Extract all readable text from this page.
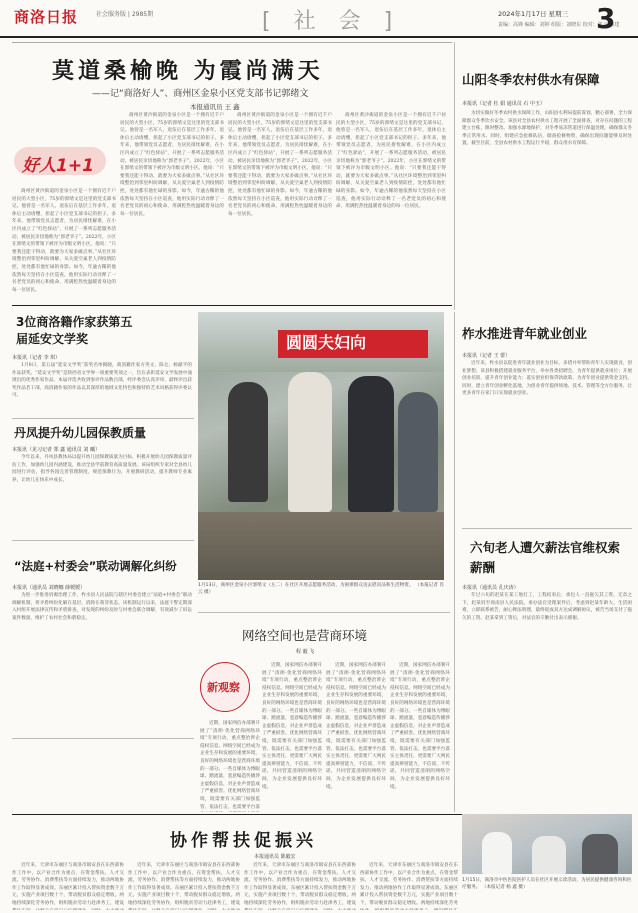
商洛日报	社会服务版 | 2985期	[ 社 会 ]	2024年1月17日 星期三
责编：高锋 编辑：刘婷 组版：刘晓东 校对：张言 石建
3
莫道桑榆晚 为霞尚满天
——记“商洛好人”、商州区金泉小区党支部书记郭绪文
本报通讯员 王 鑫
好人1+1

商州区黄沙街道的金泉小区是一个拥有近千户居民的大型小区，75岁的郭绪文是这里的党支部书记。他曾是一名军人，退伍后在基层工作多年，退休后主动请缨，担起了小区党支部书记的担子。多年来，他带领党员志愿者，为居民排忧解难，在小区内成立了“红色驿站”，开展了一系列志愿服务活动，被居民亲切地称为“郭老爷子”。2022年，小区在郭绪文的带领下被评为市级文明小区。他说：“只要我还能干得动，就要为大家多做点事。”从社区环境整治到邻里纠纷调解，从关爱空巢老人到疫情防控，处处都有他忙碌的身影。如今，年逾古稀的他依然每天坚持在小区巡查，他用实际行动诠释了一名老党员的初心和使命，用满腔热忱温暖着身边的每一位居民。

商州区黄沙街道的金泉小区是一个拥有近千户居民的大型小区，75岁的郭绪文是这里的党支部书记。他曾是一名军人，退伍后在基层工作多年，退休后主动请缨，担起了小区党支部书记的担子。多年来，他带领党员志愿者，为居民排忧解难，在小区内成立了“红色驿站”，开展了一系列志愿服务活动，被居民亲切地称为“郭老爷子”。2022年，小区在郭绪文的带领下被评为市级文明小区。他说：“只要我还能干得动，就要为大家多做点事。”从社区环境整治到邻里纠纷调解，从关爱空巢老人到疫情防控，处处都有他忙碌的身影。如今，年逾古稀的他依然每天坚持在小区巡查，他用实际行动诠释了一名老党员的初心和使命，用满腔热忱温暖着身边的每一位居民。

商州区黄沙街道的金泉小区是一个拥有近千户居民的大型小区，75岁的郭绪文是这里的党支部书记。他曾是一名军人，退伍后在基层工作多年，退休后主动请缨，担起了小区党支部书记的担子。多年来，他带领党员志愿者，为居民排忧解难，在小区内成立了“红色驿站”，开展了一系列志愿服务活动，被居民亲切地称为“郭老爷子”。2022年，小区在郭绪文的带领下被评为市级文明小区。他说：“只要我还能干得动，就要为大家多做点事。”从社区环境整治到邻里纠纷调解，从关爱空巢老人到疫情防控，处处都有他忙碌的身影。如今，年逾古稀的他依然每天坚持在小区巡查，他用实际行动诠释了一名老党员的初心和使命，用满腔热忱温暖着身边的每一位居民。

商州区黄沙街道的金泉小区是一个拥有近千户居民的大型小区，75岁的郭绪文是这里的党支部书记。他曾是一名军人，退伍后在基层工作多年，退休后主动请缨，担起了小区党支部书记的担子。多年来，他带领党员志愿者，为居民排忧解难，在小区内成立了“红色驿站”，开展了一系列志愿服务活动，被居民亲切地称为“郭老爷子”。2022年，小区在郭绪文的带领下被评为市级文明小区。他说：“只要我还能干得动，就要为大家多做点事。”从社区环境整治到邻里纠纷调解，从关爱空巢老人到疫情防控，处处都有他忙碌的身影。如今，年逾古稀的他依然每天坚持在小区巡查，他用实际行动诠释了一名老党员的初心和使命，用满腔热忱温暖着身边的每一位居民。

山阳冬季农村供水有保障
本报讯（记者 杜 娟 通讯员 石 中玉）

为切实做好冬季农村供水保障工作，山阳县水利局提前谋划、精心部署，全力保障群众冬季饮水安全。该县对全县农村供水工程开展了全面排查，对存在问题的工程建立台账，限时整改。加强水源地保护，对冬季易冻管道进行保温处理，确保群众冬季正常用水。同时，组建应急抢修队伍，储备抢修物资，确保出现问题能够及时处置。截至目前，全县农村供水工程运行平稳，群众用水有保障。

3位商洛籍作家获第五届延安文学奖
本报讯（记者 李 琪）

1月8日，第五届“延安文学奖”获奖名单揭晓，商洛籍作家方英文、陈仓、杨献平的作品获奖。“延安文学奖”是陕西省文学界一项重要奖项之一，旨在表彰延安文学发展中涌现出的优秀作家作品。本届评选共收到参评作品数百部，经评委会认真评审，最终评出获奖作品若干部，商洛籍作家的作品以其深厚的地域文化特色和独特的艺术风格获得评委认可。

丹凤提升幼儿园保教质量
本报讯（见习记者 郑 鑫 通讯员 刘 曦）

今年以来，丹凤县教体局以提升幼儿园保教质量为目标，积极开展幼儿园保教质量评估工作，加强幼儿园内涵建设，推动全县学前教育高质量发展。该局组织专家对全县幼儿园进行评估，指导各园完善管理制度，规范保教行为，开展教研活动，提升教师专业素养，让幼儿在快乐中成长。

“法庭+村委会”联动调解化纠纷
本报讯（通讯员 刘晓娜 薛媛媛）

为进一步推进诉源治理工作，柞水县人民法院与辖区村委会建立“法庭+村委会”联动调解机制，将矛盾纠纷化解在基层、消除在萌芽状态。该机制运行以来，法庭干警定期深入村组开展法律宣传和矛盾排查，对发现的纠纷及时与村委会联合调解，有效减少了诉讼案件数量，维护了农村社会和谐稳定。

圆圆夫妇向
1月13日，商州区金泉小区郭绪文（左二）在社区开展志愿服务活动，为困难群众送去慰问品和生活物资。 （本报记者 肖 云 摄）
柞水推进青年就业创业
本报讯（记者 王 蕾）

近年来，柞水县以促进青年就业创业为目标，多措并举帮助青年人实现就业、创业梦想。该县积极搭建就业服务平台，举办各类招聘会，为青年提供就业岗位；开展创业培训，提升青年创业能力；落实创业担保贷款政策，为青年创业提供资金支持。同时，建立青年创业孵化基地，为创业青年提供场地、技术、管理等全方位服务，让更多青年在家门口实现就业创业。

六旬老人遭欠薪法官维权索薪酬
本报讯（通讯员 孔庆涛）

年过六旬的赵某在某工地打工，工程结束后，承包人一直拖欠其工资。无奈之下，赵某诉至商南县人民法院。承办法官受理案件后，考虑到赵某年龄大、生活困难，立即联系被告，耐心释法明理，最终促成双方达成调解协议，被告当场支付了拖欠的工资。赵某拿到工资后，对法官的辛勤付出表示感谢。

网络空间也是营商环境
程 毅 飞
新观察

近期，国家网信办部署开展了“清朗·优化营商网络环境”专项行动，重点整治涉企侵权信息。网络空间已经成为企业生存和发展的重要环境，良好的网络环境也是营商环境的一部分。一些自媒体为博眼球、蹭流量，恶意编造传播涉企虚假信息，对企业声誉造成了严重损害。优化网络营商环境，既需要有关部门加强监管、依法打击，也需要平台落

近期，国家网信办部署开展了“清朗·优化营商网络环境”专项行动，重点整治涉企侵权信息。网络空间已经成为企业生存和发展的重要环境，良好的网络环境也是营商环境的一部分。一些自媒体为博眼球、蹭流量，恶意编造传播涉企虚假信息，对企业声誉造成了严重损害。优化网络营商环境，既需要有关部门加强监管、依法打击，也需要平台落实主体责任，更需要广大网民提高辨别能力，不信谣、不传谣，共同营造清朗的网络空间，为企业发展提供良好环境。

近期，国家网信办部署开展了“清朗·优化营商网络环境”专项行动，重点整治涉企侵权信息。网络空间已经成为企业生存和发展的重要环境，良好的网络环境也是营商环境的一部分。一些自媒体为博眼球、蹭流量，恶意编造传播涉企虚假信息，对企业声誉造成了严重损害。优化网络营商环境，既需要有关部门加强监管、依法打击，也需要平台落实主体责任，更需要广大网民提高辨别能力，不信谣、不传谣，共同营造清朗的网络空间，为企业发展提供良好环境。

近期，国家网信办部署开展了“清朗·优化营商网络环境”专项行动，重点整治涉企侵权信息。网络空间已经成为企业生存和发展的重要环境，良好的网络环境也是营商环境的一部分。一些自媒体为博眼球、蹭流量，恶意编造传播涉企虚假信息，对企业声誉造成了严重损害。优化网络营商环境，既需要有关部门加强监管、依法打击，也需要平台落实主体责任，更需要广大网民提高辨别能力，不信谣、不传谣，共同营造清朗的网络空间，为企业发展提供良好环境。

协作帮扶促振兴
本报通讯员 陈毅宏

近年来，天津市东丽区与商洛市镇安县在东西部协作工作中，以产业合作为重点，在资金帮扶、人才交流、劳务协作、消费帮扶等方面持续发力，推动两地协作工作取得显著成效。东丽区累计投入帮扶资金数千万元，实施产业项目数十个，带动脱贫群众稳定增收。两地持续深化劳务协作，组织脱贫劳动力赴津务工，建设

近年来，天津市东丽区与商洛市镇安县在东西部协作工作中，以产业合作为重点，在资金帮扶、人才交流、劳务协作、消费帮扶等方面持续发力，推动两地协作工作取得显著成效。东丽区累计投入帮扶资金数千万元，实施产业项目数十个，带动脱贫群众稳定增收。两地持续深化劳务协作，组织脱贫劳动力赴津务工，建设

近年来，天津市东丽区与商洛市镇安县在东西部协作工作中，以产业合作为重点，在资金帮扶、人才交流、劳务协作、消费帮扶等方面持续发力，推动两地协作工作取得显著成效。东丽区累计投入帮扶资金数千万元，实施产业项目数十个，带动脱贫群众稳定增收。两地持续深化劳务协作，组织脱贫劳动力赴津务工，建设

近年来，天津市东丽区与商洛市镇安县在东西部协作工作中，以产业合作为重点，在资金帮扶、人才交流、劳务协作、消费帮扶等方面持续发力，推动两地协作工作取得显著成效。东丽区累计投入帮扶资金数千万元，实施产业项目数十个，带动脱贫群众稳定增收。两地持续深化劳务

1月15日，商洛市中医医院医护人员在社区开展义诊活动，为居民提供健康咨询和医疗服务。 （本报记者 杨 鑫 摄）
